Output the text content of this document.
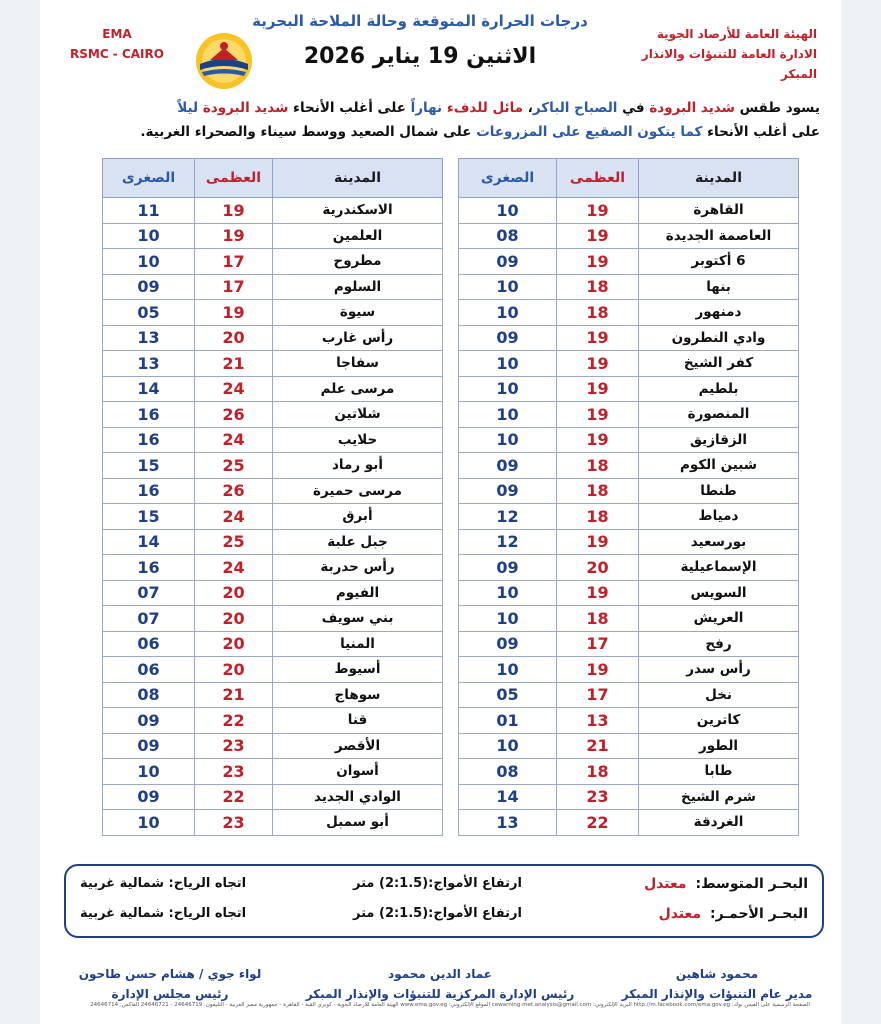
EMA
RSMC - CAIRO
درجات الحرارة المتوقعة وحالة الملاحة البحرية
الاثنين 19 يناير 2026
الهيئة العامة للأرصاد الجوية
الادارة العامة للتنبؤات والانذار المبكر
يسود طقس شديد البرودة في الصباح الباكر، مائل للدفء نهاراً على أغلب الأنحاء شديد البرودة ليلاً
على أغلب الأنحاء كما يتكون الصقيع على المزروعات على شمال الصعيد ووسط سيناء والصحراء الغربية.
المدينة	العظمى	الصغرى
القاهرة	19	10
العاصمة الجديدة	19	08
6 أكتوبر	19	09
بنها	18	10
دمنهور	18	10
وادي النطرون	19	09
كفر الشيخ	19	10
بلطيم	19	10
المنصورة	19	10
الزقازيق	19	10
شبين الكوم	18	09
طنطا	18	09
دمياط	18	12
بورسعيد	19	12
الإسماعيلية	20	09
السويس	19	10
العريش	18	10
رفح	17	09
رأس سدر	19	10
نخل	17	05
كاترين	13	01
الطور	21	10
طابا	18	08
شرم الشيخ	23	14
الغردقة	22	13
المدينة	العظمى	الصغرى
الاسكندرية	19	11
العلمين	19	10
مطروح	17	10
السلوم	17	09
سيوة	19	05
رأس غارب	20	13
سفاجا	21	13
مرسى علم	24	14
شلاتين	26	16
حلايب	24	16
أبو رماد	25	15
مرسى حميرة	26	16
أبرق	24	15
جبل علبة	25	14
رأس حدربة	24	16
الفيوم	20	07
بني سويف	20	07
المنيا	20	06
أسيوط	20	06
سوهاج	21	08
قنا	22	09
الأقصر	23	09
أسوان	23	10
الوادي الجديد	22	09
أبو سمبل	23	10
البحـر المتوسط: معتدل
ارتفاع الأمواج:(2:1.5) متر
اتجاه الرياح: شمالية غربية
البحـر الأحمـر: معتدل
ارتفاع الأمواج:(2:1.5) متر
اتجاه الرياح: شمالية غربية
محمود شاهين
مدير عام التنبؤات والإنذار المبكر
عماد الدين محمود
رئيس الإدارة المركزية للتنبؤات والإنذار المبكر
لواء جوي / هشام حسن طاحون
رئيس مجلس الإدارة
الصفحة الرسمية على الفيس بوك: http://m.facebook.com/ema.gov.eg البريد الإلكتروني: cewarning.met.analysis@gmail.com الموقع الإلكتروني: www.ema.gov.eg الهيئة العامة للأرصاد الجوية - كوبري القبة - القاهرة - جمهورية مصر العربية - التليفون: 24646719 - 24646721 الفاكس: 24646714
